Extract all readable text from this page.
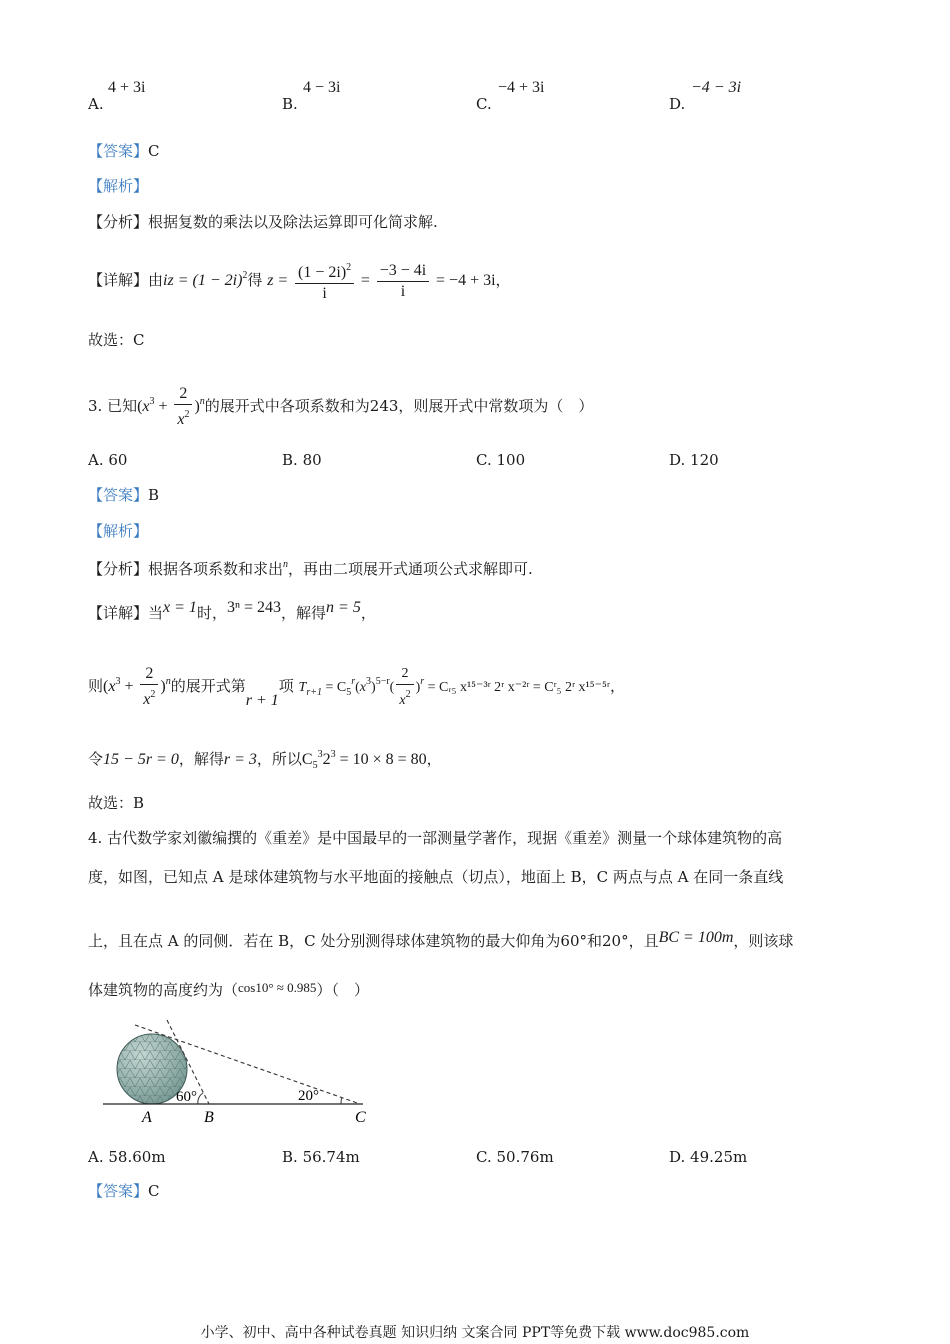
A.
4 + 3i
B.
4 − 3i
C.
−4 + 3i
D.
−4 − 3i
【答案】C
【解析】
【分析】根据复数的乘法以及除法运算即可化简求解.
【详解】由iz = $(1 - 2i)^2$得 $z = \frac{(1 - 2i)^2}{i} = \frac{-3 - 4i}{i} = -4 + 3i$，
故选：C
3. 已知$(x^3 + \frac{2}{x^2} )^n$的展开式中各项系数和为243，则展开式中常数项为（　）
A. 60	B. 80	C. 100	D. 120
【答案】B
【解析】
【分析】根据各项系数和求出$^n$，再由二项展开式通项公式求解即可.
【详解】当x = 1时，3ⁿ = 243，解得n = 5，
则$(x^3 + \frac{2}{x^2} )^n$的展开式第r + 1项 $T_{r+1} = C_5^r(x^3)^{5-r}( \frac{2}{x^2} )^r$ = Cᵣ₅ x¹⁵⁻³ʳ 2ʳ x⁻²ʳ = Cʳ₅ 2ʳ x¹⁵⁻⁵ʳ，
令15 − 5r = 0，解得r = 3，所以$C_5^32^3 = 10 \times 8 = 80$，
故选：B
4. 古代数学家刘徽编撰的《重差》是中国最早的一部测量学著作，现据《重差》测量一个球体建筑物的高
度，如图，已知点 A 是球体建筑物与水平地面的接触点（切点），地面上 B，C 两点与点 A 在同一条直线
上，且在点 A 的同侧．若在 B，C 处分别测得球体建筑物的最大仰角为60°和20°，且BC = 100m，则该球
体建筑物的高度约为（cos10° ≈ 0.985）（　）
60°	20°
A	B	C
A. 58.60m	B. 56.74m	C. 50.76m	D. 49.25m
【答案】C
小学、初中、高中各种试卷真题 知识归纳 文案合同 PPT等免费下载 www.doc985.com
